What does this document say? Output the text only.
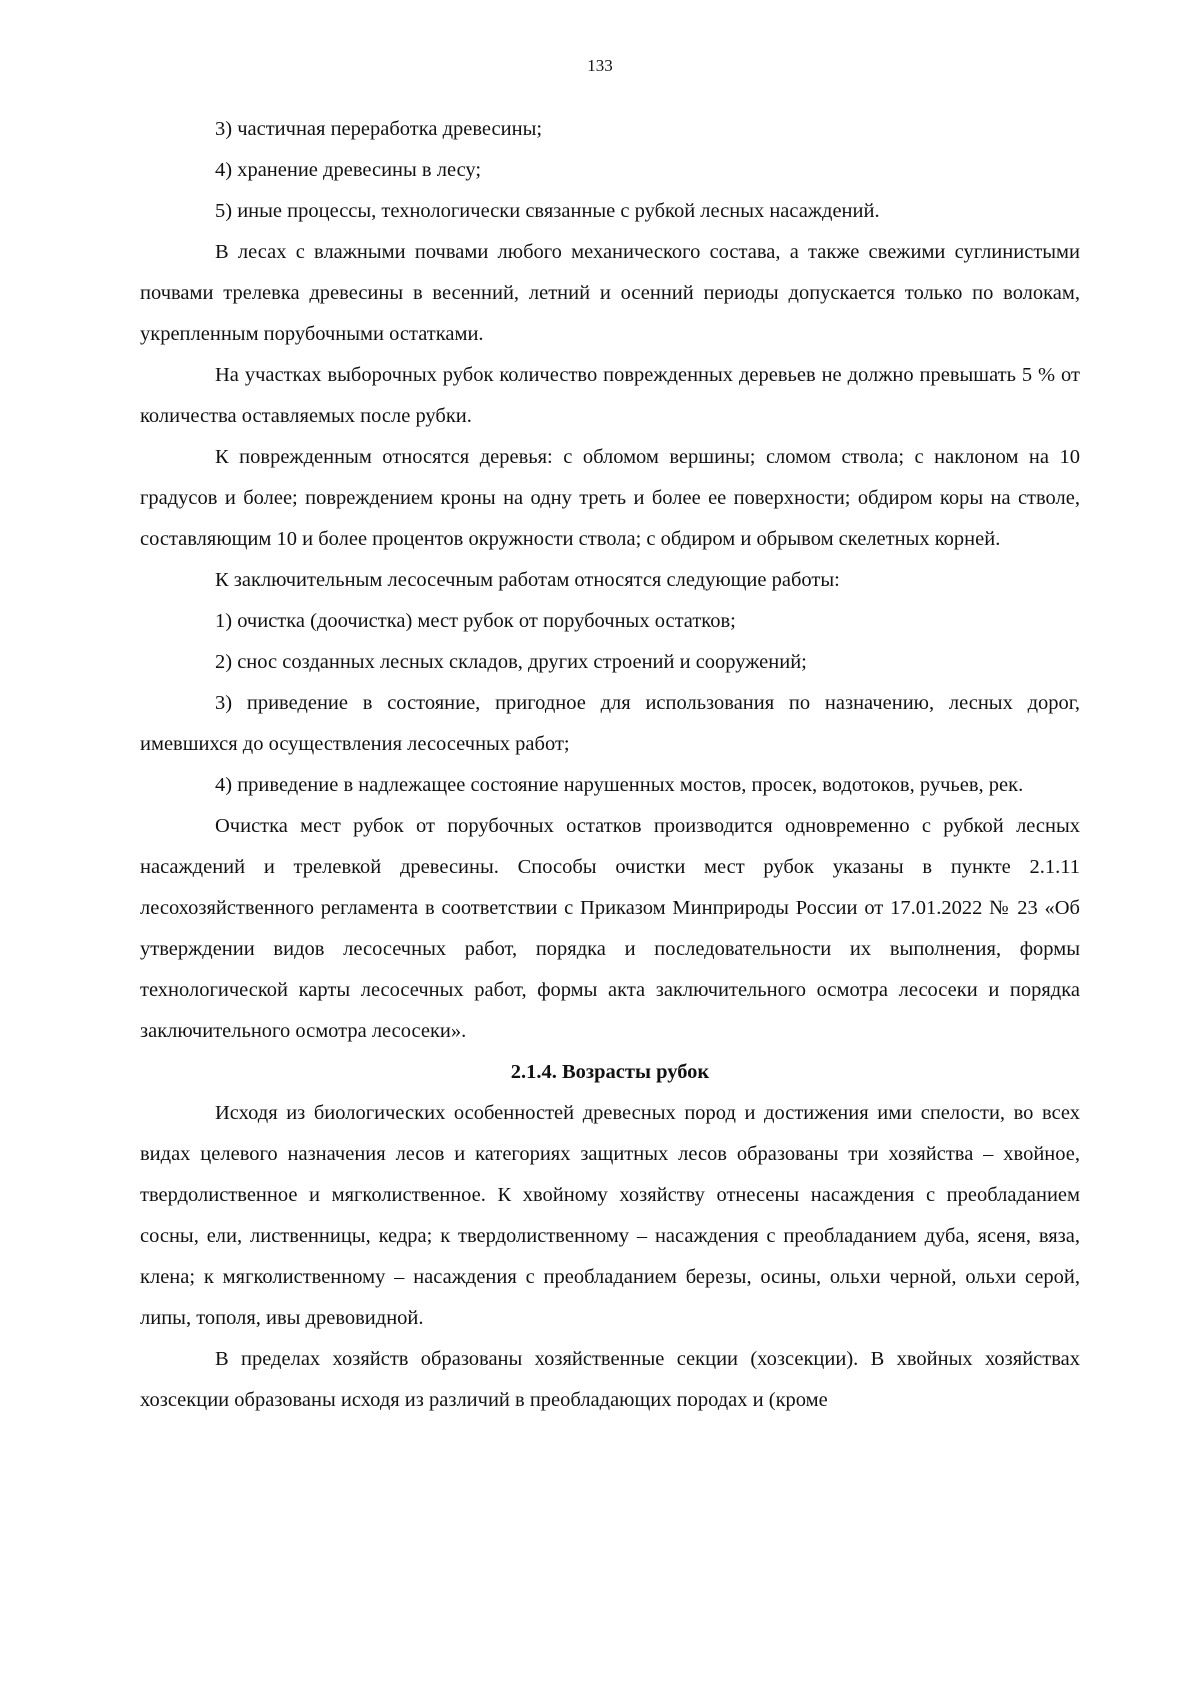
133

3) частичная переработка древесины;

4) хранение древесины в лесу;

5) иные процессы, технологически связанные с рубкой лесных насаждений.

В лесах с влажными почвами любого механического состава, а также свежими суглинистыми почвами трелевка древесины в весенний, летний и осенний периоды допускается только по волокам, укрепленным порубочными остатками.

На участках выборочных рубок количество поврежденных деревьев не должно превышать 5 % от количества оставляемых после рубки.

К поврежденным относятся деревья: с обломом вершины; сломом ствола; с наклоном на 10 градусов и более; повреждением кроны на одну треть и более ее поверхности; обдиром коры на стволе, составляющим 10 и более процентов окружности ствола; с обдиром и обрывом скелетных корней.

К заключительным лесосечным работам относятся следующие работы:

1) очистка (доочистка) мест рубок от порубочных остатков;

2) снос созданных лесных складов, других строений и сооружений;

3) приведение в состояние, пригодное для использования по назначению, лесных дорог, имевшихся до осуществления лесосечных работ;

4) приведение в надлежащее состояние нарушенных мостов, просек, водотоков, ручьев, рек.

Очистка мест рубок от порубочных остатков производится одновременно с рубкой лесных насаждений и трелевкой древесины. Способы очистки мест рубок указаны в пункте 2.1.11 лесохозяйственного регламента в соответствии с Приказом Минприроды России от 17.01.2022 № 23 «Об утверждении видов лесосечных работ, порядка и последовательности их выполнения, формы технологической карты лесосечных работ, формы акта заключительного осмотра лесосеки и порядка заключительного осмотра лесосеки».

2.1.4. Возрасты рубок

Исходя из биологических особенностей древесных пород и достижения ими спелости, во всех видах целевого назначения лесов и категориях защитных лесов образованы три хозяйства – хвойное, твердолиственное и мягколиственное. К хвойному хозяйству отнесены насаждения с преобладанием сосны, ели, лиственницы, кедра; к твердолиственному – насаждения с преобладанием дуба, ясеня, вяза, клена; к мягколиственному – насаждения с преобладанием березы, осины, ольхи черной, ольхи серой, липы, тополя, ивы древовидной.

В пределах хозяйств образованы хозяйственные секции (хозсекции). В хвойных хозяйствах хозсекции образованы исходя из различий в преобладающих породах и (кроме
